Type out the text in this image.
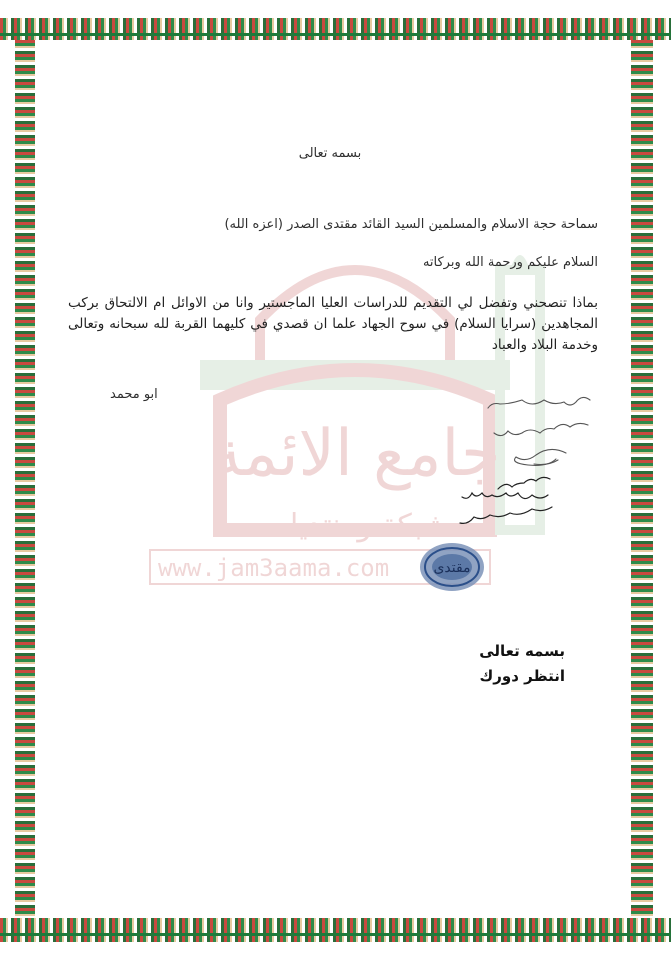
جامع الائمة
شبكة ومنتديات
www.jam3aama.com
بسمه تعالى
سماحة حجة الاسلام والمسلمين السيد القائد مقتدى الصدر (اعزه الله)
السلام عليكم ورحمة الله وبركاته
بماذا تنصحني وتفضل لي التقديم للدراسات العليا الماجستير وانا من الاوائل ام الالتحاق بركب المجاهدين (سرايا السلام) في سوح الجهاد علما ان قصدي في كليهما القربة لله سبحانه وتعالى وخدمة البلاد والعباد
ابو محمد
مقتدى
بسمه تعالى
انتظر دورك
